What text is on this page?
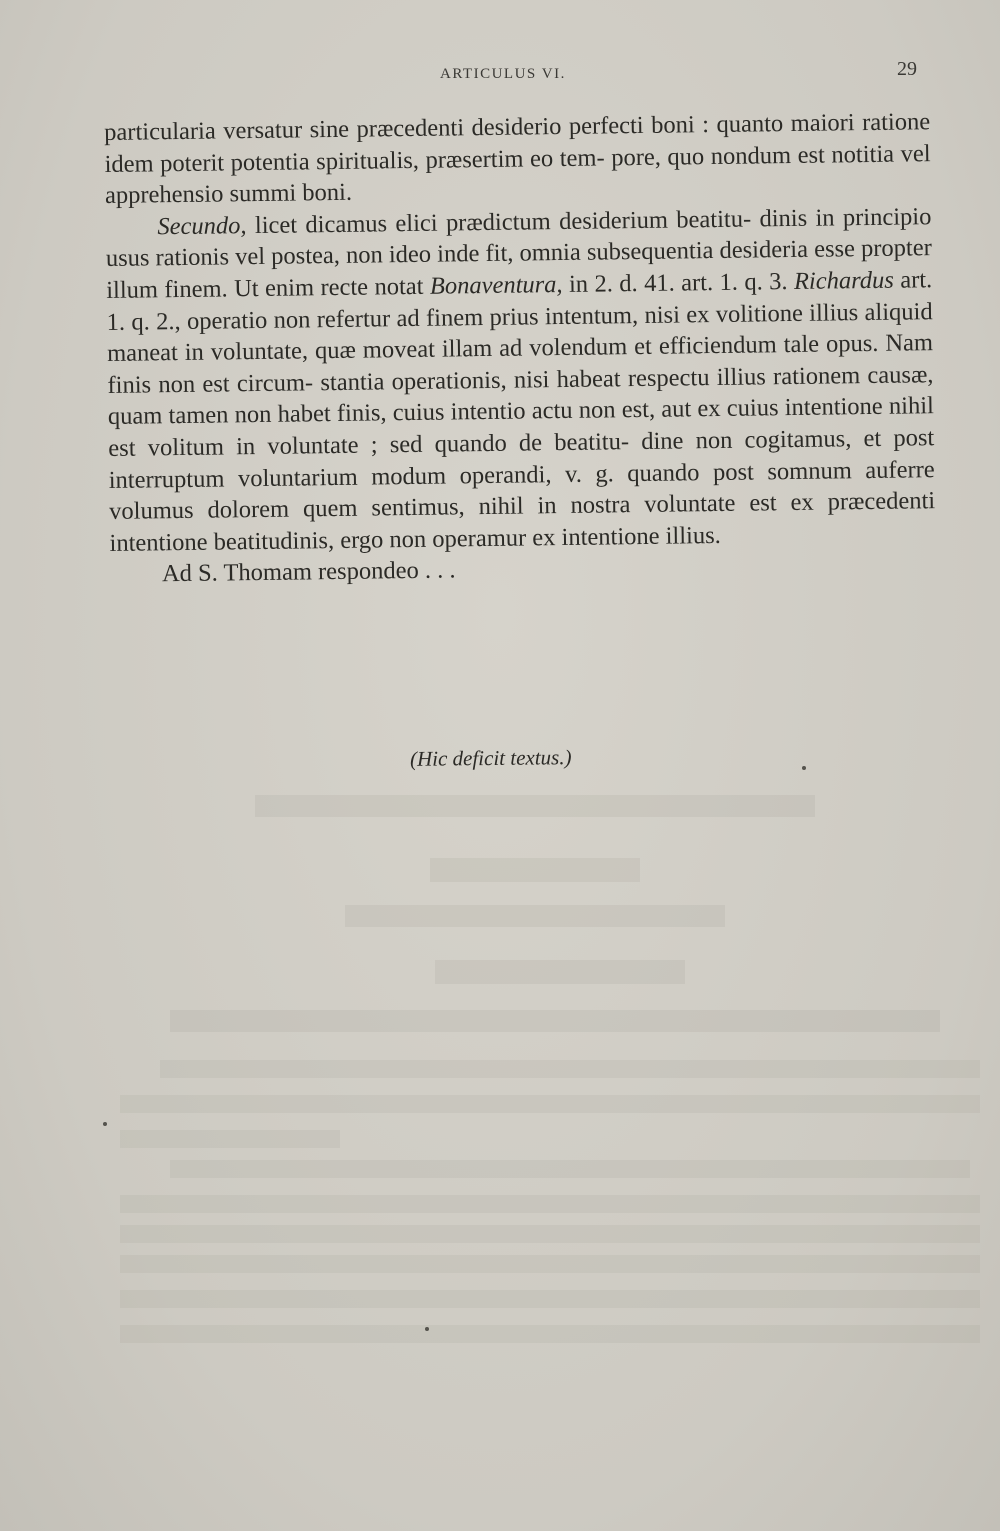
ARTICULUS VI.	29

particularia versatur sine præcedenti desiderio perfecti boni : quanto maiori ratione idem poterit potentia spiritualis, præsertim eo tem- pore, quo nondum est notitia vel apprehensio summi boni.

Secundo, licet dicamus elici prædictum desiderium beatitu- dinis in principio usus rationis vel postea, non ideo inde fit, omnia subsequentia desideria esse propter illum finem. Ut enim recte notat Bonaventura, in 2. d. 41. art. 1. q. 3. Richardus art. 1. q. 2., operatio non refertur ad finem prius intentum, nisi ex volitione illius aliquid maneat in voluntate, quæ moveat illam ad volendum et efficiendum tale opus. Nam finis non est circum- stantia operationis, nisi habeat respectu illius rationem causæ, quam tamen non habet finis, cuius intentio actu non est, aut ex cuius intentione nihil est volitum in voluntate ; sed quando de beatitu- dine non cogitamus, et post interruptum voluntarium modum operandi, v. g. quando post somnum auferre volumus dolorem quem sentimus, nihil in nostra voluntate est ex præcedenti intentione beatitudinis, ergo non operamur ex intentione illius.

Ad S. Thomam respondeo . . .

(Hic deficit textus.)
